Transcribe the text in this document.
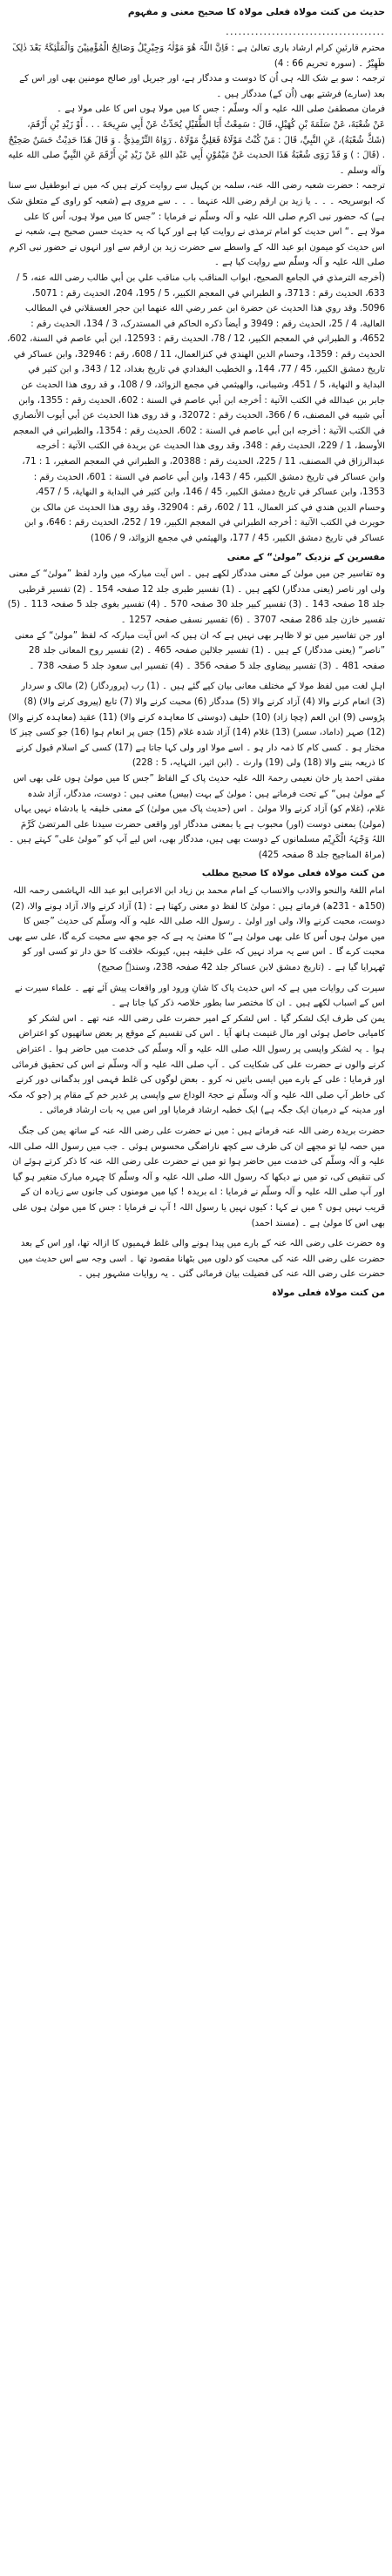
حدیث من کنت مولاہ فعلی مولاہ کا صحیح معنی و مفہوم
......................................

محترم قارئینِ کرام ارشاد باری تعالیٰ ہے : فَاِنَّ اللّٰہَ ھُوَ مَوْلٰہُ وَجِبْرِیْلُ وَصَالِحُ الْمُؤْمِنِیْنَ وَالْمَلٰٓئِکَۃُ بَعْدَ ذٰلِکَ ظَھِیْرٌ ۔ (سورہ تحریم 66 : 4)

ترجمہ : سو بے شک اللہ ہی اُن کا دوست و مددگار ہے، اور جبریل اور صالح مومنین بھی اور اس کے بعد (سارے) فرشتے بھی (اُن کے) مددگار ہیں ۔

فرمان مصطفیٰ صلی اللہ علیہ و آلہ وسلّم : جس کا میں مولا ہوں اس کا علی مولا ہے ۔

عَنْ شُعْبَةَ، عَنْ سَلَمَةَ بْنِ كُهَيْلٍ، قَالَ : سَمِعْتُ أَبَا الطُّفَيْلِ يُحَدِّثُ عَنْ أَبِي سَرِيحَةَ . . . أَوْ زَيْدِ بْنِ أَرْقَمَ، (شَكَّ شُعْبَةُ)، عَنِ النَّبِيِّ، قَالَ : مَنْ كُنْتُ مَوْلَاهُ فَعَلِيٌّ مَوْلَاهُ . رَوَاهُ التِّرْمِذِيُّ . وَ قَالَ هَذَا حَدِيْثٌ حَسَنٌ صَحِيْحٌ . (قَالَ : ) وَ قَدْ رَوَی شُعْبَةُ هَذَا الحديث عَنْ مَيْمُوْنٍ أَبِي عَبْدِ اللهِ عَنْ زَيْدِ بْنِ أَرْقَمَ عَنِ النَّبِيِّ صلی الله عليه وآله وسلم ۔

ترجمہ : حضرت شعبہ رضی اللہ عنہ، سلمہ بن کہیل سے روایت کرتے ہیں کہ میں نے ابوطفیل سے سنا کہ ابوسریحہ ۔ ۔ ۔ یا زید بن ارقم رضی اللہ عنہما ۔ ۔ ۔ سے مروی ہے (شعبہ کو راوی کے متعلق شک ہے) کہ حضور نبی اکرم صلی اللہ علیہ و آلہ وسلّم نے فرمایا : ”جس کا میں مولا ہوں، اُس کا علی مولا ہے ۔“ اس حدیث کو امام ترمذی نے روایت کیا ہے اور کہا کہ یہ حدیث حسن صحیح ہے، شعبہ نے اس حدیث کو میمون ابو عبد اللہ کے واسطے سے حضرت زید بن ارقم سے اور انہوں نے حضور نبی اکرم صلی اللہ علیہ و آلہ وسلّم سے روایت کیا ہے ۔

(أخرجه الترمذي في الجامع الصحيح، ابواب المناقب باب مناقب علي بن أبي طالب رضی الله عنه، 5 / 633، الحديث رقم : 3713، و الطبراني في المعجم الکبير، 5 / 195، 204، الحديث رقم : 5071، 5096. وقد روي هذا الحديث عن حضرة ابن عمر رضي الله عنهما ابن حجر العسقلاني في المطالب العالية، 4 / 25، الحديث رقم : 3949 و أيضاً ذکره الحاکم في المستدرک، 3 / 134، الحديث رقم : 4652، و الطبراني في المعجم الکبير، 12 / 78، الحديث رقم : 12593، ابن أبي عاصم في السنة، 602، الحديث رقم : 1359، وحسام الدين الهندي في کنزالعمال، 11 / 608، رقم : 32946، وابن عساکر في تاريخ دمشق الکبير، 45 / 77، 144، و الخطيب البغدادي في تاريخ بغداد، 12 / 343، و ابن کثير في البداية و النهاية، 5 / 451، وشيبانی، والهيثمي في مجمع الزوائد، 9 / 108، و قد روی هذا الحديث عن جابر بن عبدالله في الکتب الآتية : أخرجه ابن أبي عاصم في السنة : 602، الحديث رقم : 1355، وابن أبي شيبه في المصنف، 6 / 366، الحديث رقم : 32072، و قد روی هذا الحديث عن أبي أيوب الأنصاري في الکتب الآتية : أخرجه ابن أبي عاصم في السنة : 602، الحديث رقم : 1354، والطبراني في المعجم الأوسط، 1 / 229، الحديث رقم : 348، وقد روی هذا الحديث عن بريدة في الکتب الآتية : أخرجه عبدالرزاق في المصنف، 11 / 225، الحديث رقم : 20388، و الطبراني في المعجم الصغير، 1 : 71، وابن عساکر في تاريخ دمشق الکبير، 45 / 143، وابن أبي عاصم في السنة : 601، الحديث رقم : 1353، وابن عساکر في تاريخ دمشق الکبير، 45 / 146، وابن کثير في البداية و النهاية، 5 / 457، وحسام الدين هندي في کنز العمال، 11 / 602، رقم : 32904، وقد روی هذا الحديث عن مالک بن حويرث في الکتب الآتية : أخرجه الطبراني في المعجم الکبير، 19 / 252، الحديث رقم : 646، و ابن عساکر في تاريخ دمشق الکبير، 45 / 177، والهيثمي في مجمع الزوائد، 9 / 106)

مفسرین کے نزدیک ”مولیٰ“ کے معنی

وہ تفاسیر جن میں مولیٰ کے معنی مددگار لکھے ہیں ۔ اس آیت مبارکہ میں وارد لفظ ”مولیٰ“ کے معنی ولی اور ناصر (یعنی مددگار) لکھے ہیں ۔ (1) تفسیر طبری جلد 12 صفحہ 154 ۔ (2) تفسیر قرطبی جلد 18 صفحہ 143 ۔ (3) تفسیر کبیر جلد 30 صفحہ 570 ۔ (4) تفسیر بغوی جلد 5 صفحہ 113 ۔ (5) تفسیر خازن جلد 286 صفحہ 3707 ۔ (6) تفسیر نسفی صفحہ 1257 ۔

اور جن تفاسیر میں تو لا ظاہر بھی نہیں ہے کہ ان ہیں کہ اس آیت مبارکہ کہ لفظ ”مولیٰ“ کے معنی ”ناصر“ (یعنی مددگار) کے ہیں ۔ (1) تفسیر جلالین صفحہ 465 ۔ (2) تفسیر روح المعانی جلد 28 صفحہ 481 ۔ (3) تفسیر بیضاوی جلد 5 صفحہ 356 ۔ (4) تفسیر ابی سعود جلد 5 صفحہ 738 ۔

اہلِ لغت میں لفظ مولا کے مختلف معانی بیان کیے گئے ہیں ۔ (1) رب (پروردگار) (2) مالک و سردار (3) انعام کرنے والا (4) آزاد کرنے والا (5) مددگار (6) محبت کرنے والا (7) تابع (پیروی کرنے والا) (8) پڑوسی (9) ابن العم (چچا زاد) (10) حلیف (دوستی کا معاہدہ کرنے والا) (11) عقید (معاہدہ کرنے والا) (12) صہر (داماد، سسر) (13) غلام (14) آزاد شدہ غلام (15) جس پر انعام ہوا (16) جو کسی چیز کا مختار ہو ۔ کسی کام کا ذمہ دار ہو ۔ اسے مولا اور ولی کہا جاتا ہے (17) کسی کے اسلام قبول کرنے کا ذریعہ بننے والا (18) ولی (19) وارث ۔ (ابن اثیر، النہایہ، 5 : 228)

مفتی احمد یار خان نعیمی رحمۃ اللہ علیہ حدیث پاک کے الفاظ ”جس کا میں مولیٰ ہوں علی بھی اس کے مولیٰ ہیں“ کے تحت فرماتے ہیں : مولیٰ کے بہت (بیس) معنی ہیں : دوست، مددگار، آزاد شدہ غلام، (غلام کو) آزاد کرنے والا مولیٰ ۔ اس (حدیث پاک میں مولیٰ) کے معنی خلیفہ یا بادشاہ نہیں یہاں (مولیٰ) بمعنی دوست (اور) محبوب ہے یا بمعنی مددگار اور واقعی حضرت سیدنا علی المرتضیٰ کَرَّمَ اللہُ وَجْہَہُ الْکَرِیْم مسلمانوں کے دوست بھی ہیں، مددگار بھی، اس لیے آپ کو ”مولیٰ علی“ کہتے ہیں ۔ (مراۃ المناجیح جلد 8 صفحہ 425)

من کنت مولاہ فعلی مولاہ کا صحیح مطلب

امام اللغۃ والنحو والادب والانساب کے امام محمد بن زیاد ابن الاعرابی ابو عبد اللہ الہاشمی رحمہ اللہ (150ھ - 231ھ) فرماتے ہیں : مولیٰ کا لفظ دو معنی رکھتا ہے : (1) آزاد کرنے والا، آزاد ہونے والا، (2) دوست، محبت کرنے والا، ولی اور اولیٰ ۔ رسول اللہ صلی اللہ علیہ و آلہ وسلّم کی حدیث ”جس کا میں مولیٰ ہوں اُس کا علی بھی مولیٰ ہے“ کا معنیٰ یہ ہے کہ جو مجھ سے محبت کرے گا، علی سے بھی محبت کرے گا ۔ اس سے یہ مراد نہیں کہ علی خلیفہ ہیں، کیونکہ خلافت کا حق دار تو کسی اور کو ٹھہرایا گیا ہے ۔ (تاریخ دمشق لابن عساکر جلد 42 صفحہ 238، وسندہٗ صحیح)

سیرت کی روایات میں ہے کہ اس حدیث پاک کا شانِ ورود اور واقعات پیش آئے تھے ۔ علماء سیرت نے اس کے اسباب لکھے ہیں ۔ ان کا مختصر سا بطور خلاصہ ذکر کیا جاتا ہے ۔

یمن کی طرف ایک لشکر گیا ۔ اس لشکر کے امیر حضرت علی رضی اللہ عنہ تھے ۔ اس لشکر کو کامیابی حاصل ہوئی اور مال غنیمت ہاتھ آیا ۔ اس کی تقسیم کے موقع پر بعض ساتھیوں کو اعتراض ہوا ۔ یہ لشکر واپسی پر رسول اللہ صلی اللہ علیہ و آلہ وسلّم کی خدمت میں حاضر ہوا ۔ اعتراض کرنے والوں نے حضرت علی کی شکایت کی ۔ آپ صلی اللہ علیہ و آلہ وسلّم نے اس کی تحقیق فرمائی اور فرمایا : علی کے بارے میں ایسی باتیں نہ کرو ۔ بعض لوگوں کی غلط فہمی اور بدگمانی دور کرنے کی خاطر آپ صلی اللہ علیہ و آلہ وسلّم نے حجۃ الوداع سے واپسی پر غدیر خم کے مقام پر (جو کہ مکہ اور مدینہ کے درمیان ایک جگہ ہے) ایک خطبہ ارشاد فرمایا اور اس میں یہ بات ارشاد فرمائی ۔

حضرت بریدہ رضی اللہ عنہ فرماتے ہیں : میں نے حضرت علی رضی اللہ عنہ کے ساتھ یمن کی جنگ میں حصہ لیا تو مجھے ان کی طرف سے کچھ ناراضگی محسوس ہوئی ۔ جب میں رسول اللہ صلی اللہ علیہ و آلہ وسلّم کی خدمت میں حاضر ہوا تو میں نے حضرت علی رضی اللہ عنہ کا ذکر کرتے ہوئے ان کی تنقیص کی، تو میں نے دیکھا کہ رسول اللہ صلی اللہ علیہ و آلہ وسلّم کا چہرہ مبارک متغیر ہو گیا اور آپ صلی اللہ علیہ و آلہ وسلّم نے فرمایا : اے بریدہ ! کیا میں مومنوں کی جانوں سے زیادہ ان کے قریب نہیں ہوں ؟ میں نے کہا : کیوں نہیں یا رسول اللہ ! آپ نے فرمایا : جس کا میں مولیٰ ہوں علی بھی اس کا مولیٰ ہے ۔ (مسند احمد)

وہ حضرت علی رضی اللہ عنہ کے بارے میں پیدا ہونے والی غلط فہمیوں کا ازالہ تھا، اور اس کے بعد حضرت علی رضی اللہ عنہ کی محبت کو دلوں میں بٹھانا مقصود تھا ۔ اسی وجہ سے اس حدیث میں حضرت علی رضی اللہ عنہ کی فضیلت بیان فرمائی گئی ۔ یہ روایات مشہور ہیں ۔

من کنت مولاہ فعلی مولاہ
